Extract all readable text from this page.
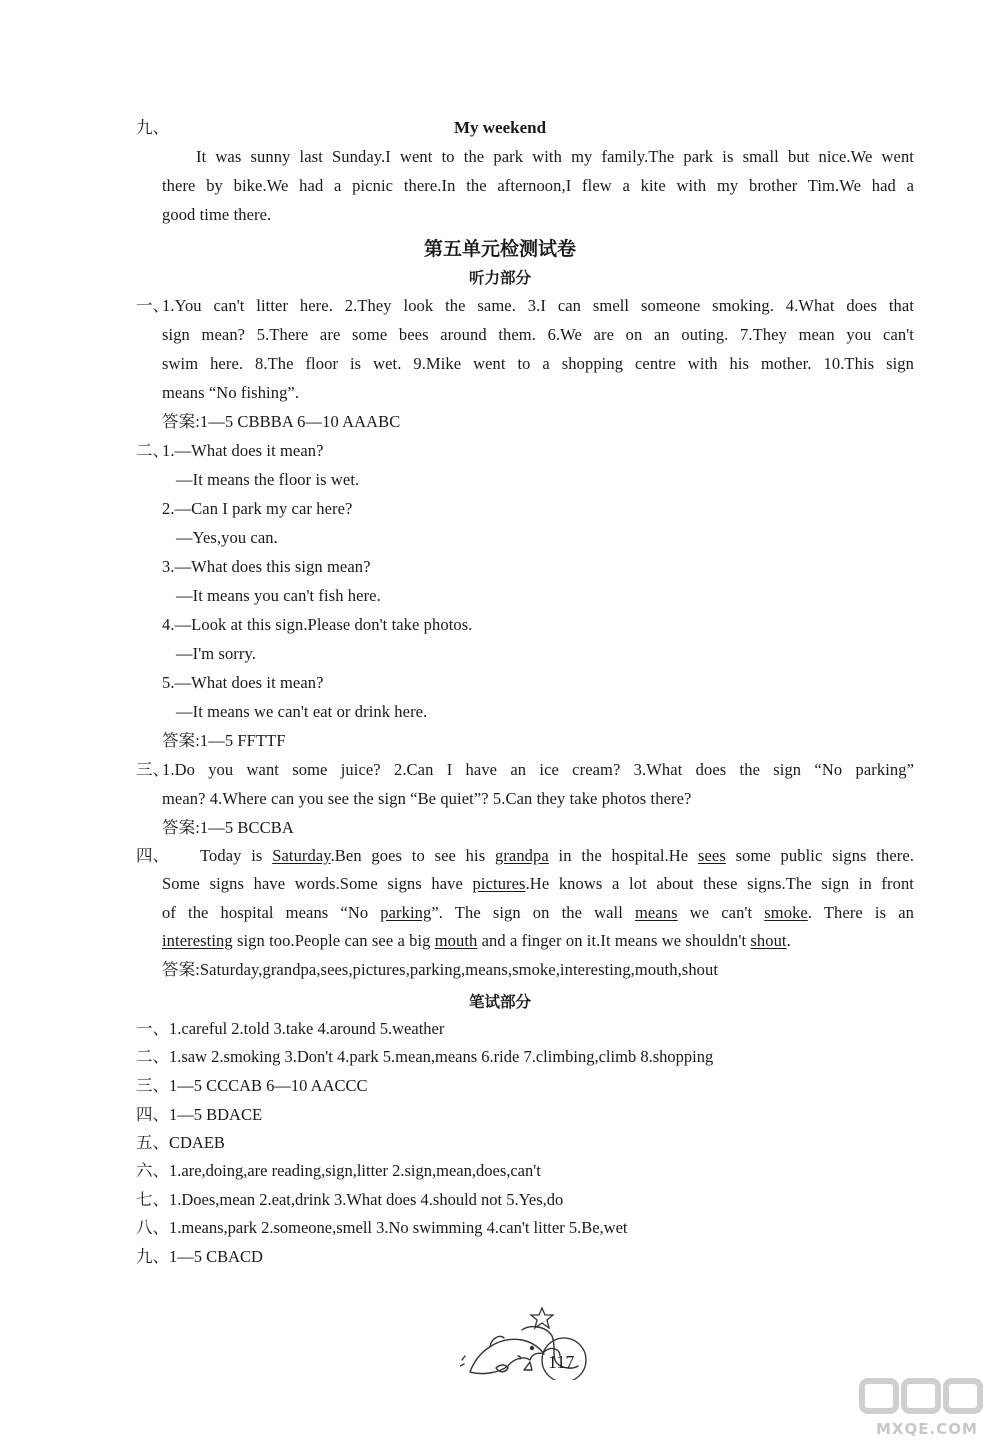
九、	My weekend
It was sunny last Sunday.I went to the park with my family.The park is small but nice.We went
there by bike.We had a picnic there.In the afternoon,I flew a kite with my brother Tim.We had a
good time there.
第五单元检测试卷
听力部分
一、
1.You can't litter here. 2.They look the same. 3.I can smell someone smoking. 4.What does that
sign mean? 5.There are some bees around them. 6.We are on an outing. 7.They mean you can't
swim here. 8.The floor is wet. 9.Mike went to a shopping centre with his mother. 10.This sign
means “No fishing”.
答案:1—5 CBBBA 6—10 AAABC
二、
1.—What does it mean?
—It means the floor is wet.
2.—Can I park my car here?
—Yes,you can.
3.—What does this sign mean?
—It means you can't fish here.
4.—Look at this sign.Please don't take photos.
—I'm sorry.
5.—What does it mean?
—It means we can't eat or drink here.
答案:1—5 FFTTF
三、
1.Do you want some juice? 2.Can I have an ice cream? 3.What does the sign “No parking”
mean? 4.Where can you see the sign “Be quiet”? 5.Can they take photos there?
答案:1—5 BCCBA
四、 Today is Saturday.Ben goes to see his grandpa in the hospital.He sees some public signs there.
Some signs have words.Some signs have pictures.He knows a lot about these signs.The sign in front
of the hospital means “No parking”. The sign on the wall means we can't smoke. There is an
interesting sign too.People can see a big mouth and a finger on it.It means we shouldn't shout.
答案:Saturday,grandpa,sees,pictures,parking,means,smoke,interesting,mouth,shout
笔试部分
一、1.careful 2.told 3.take 4.around 5.weather
二、1.saw 2.smoking 3.Don't 4.park 5.mean,means 6.ride 7.climbing,climb 8.shopping
三、1—5 CCCAB 6—10 AACCC
四、1—5 BDACE
五、CDAEB
六、1.are,doing,are reading,sign,litter 2.sign,mean,does,can't
七、1.Does,mean 2.eat,drink 3.What does 4.should not 5.Yes,do
八、1.means,park 2.someone,smell 3.No swimming 4.can't litter 5.Be,wet
九、1—5 CBACD
117
MXQE.COM
